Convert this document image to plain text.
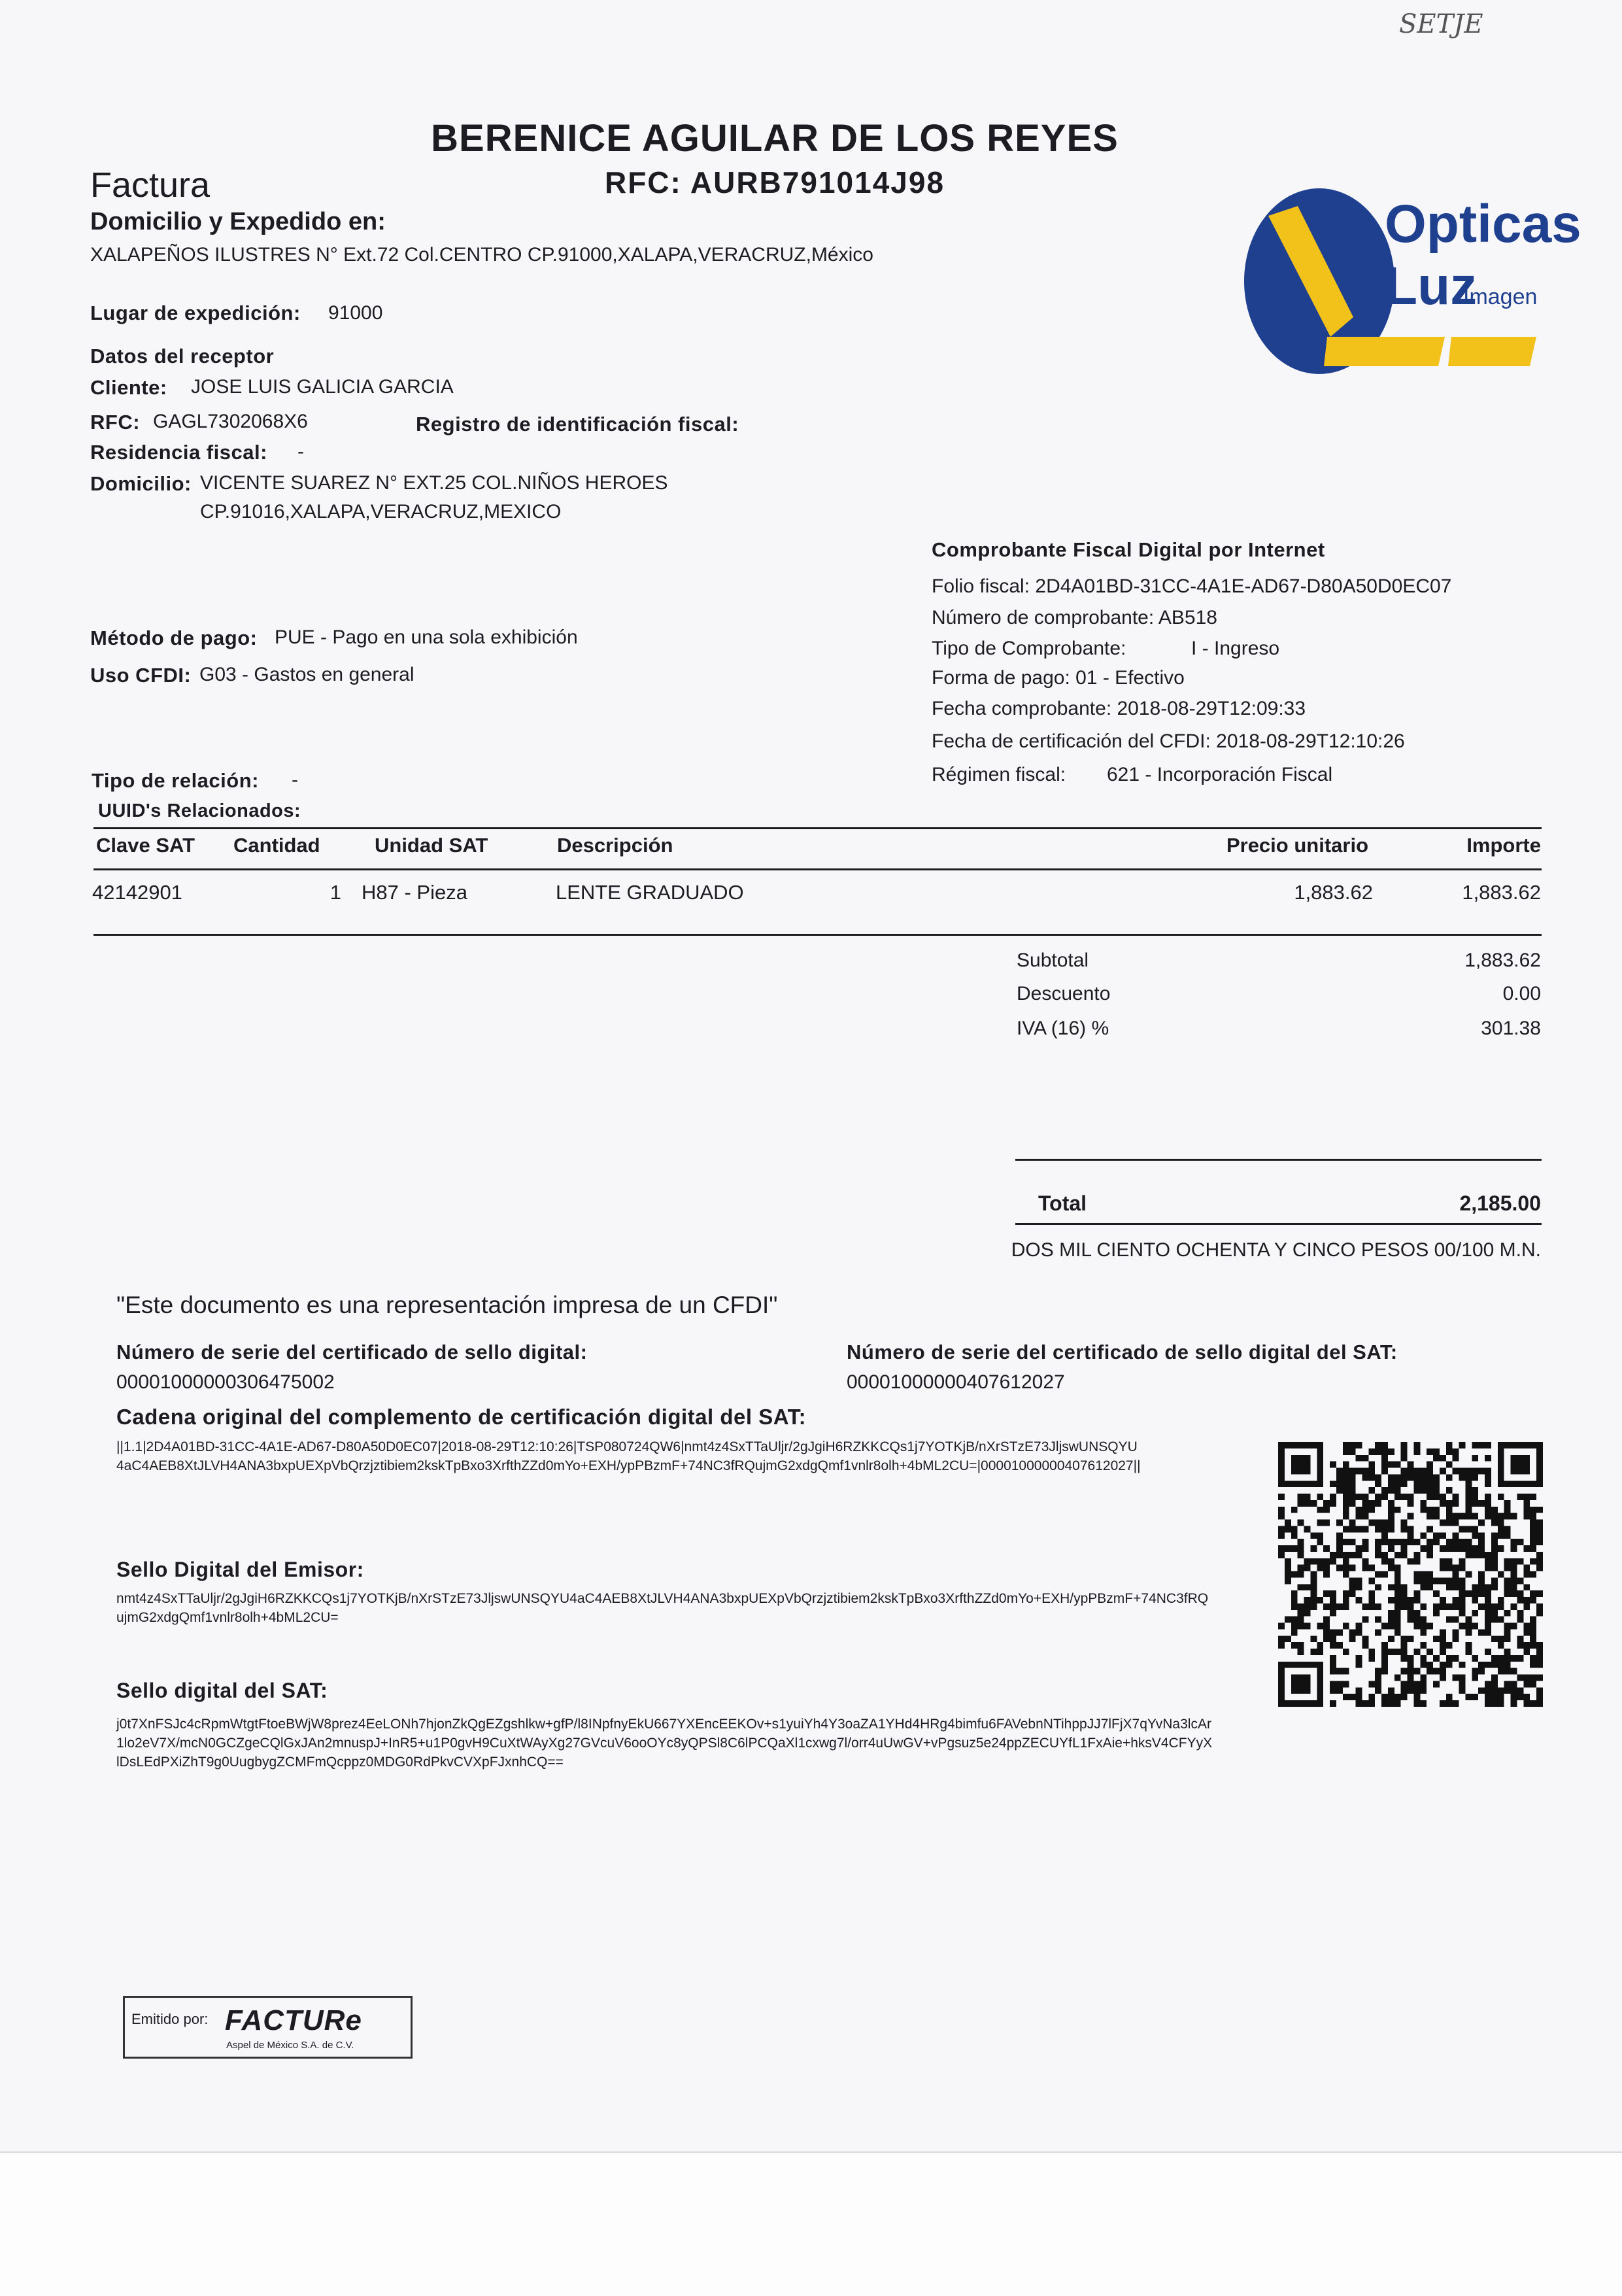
SETJE
BERENICE AGUILAR DE LOS REYES
RFC: AURB791014J98
Factura
Domicilio y Expedido en:
XALAPEÑOS ILUSTRES N° Ext.72 Col.CENTRO CP.91000,XALAPA,VERACRUZ,México
Lugar de expedición: 91000
Opticas
Luz
Imagen
Datos del receptor
Cliente: JOSE LUIS GALICIA GARCIA
RFC: GAGL7302068X6	Registro de identificación fiscal:
Residencia fiscal: -
Domicilio: VICENTE SUAREZ N° EXT.25 COL.NIÑOS HEROES
CP.91016,XALAPA,VERACRUZ,MEXICO
Comprobante Fiscal Digital por Internet
Folio fiscal: 2D4A01BD-31CC-4A1E-AD67-D80A50D0EC07
Número de comprobante: AB518
Tipo de Comprobante:	I - Ingreso
Forma de pago: 01 - Efectivo
Fecha comprobante: 2018-08-29T12:09:33
Fecha de certificación del CFDI: 2018-08-29T12:10:26
Régimen fiscal: 621 - Incorporación Fiscal
Método de pago: PUE - Pago en una sola exhibición
Uso CFDI: G03 - Gastos en general
Tipo de relación: -
UUID's Relacionados:
Clave SAT Cantidad	Unidad SAT	Descripción	Precio unitario	Importe
42142901	1 H87 - Pieza	LENTE GRADUADO	1,883.62	1,883.62
Subtotal	1,883.62
Descuento	0.00
IVA (16) %	301.38
Total	2,185.00
DOS MIL CIENTO OCHENTA Y CINCO PESOS 00/100 M.N.
"Este documento es una representación impresa de un CFDI"
Número de serie del certificado de sello digital:
00001000000306475002
Número de serie del certificado de sello digital del SAT:
00001000000407612027
Cadena original del complemento de certificación digital del SAT:
||1.1|2D4A01BD-31CC-4A1E-AD67-D80A50D0EC07|2018-08-29T12:10:26|TSP080724QW6|nmt4z4SxTTaUljr/2gJgiH6RZKKCQs1j7YOTKjB/nXrSTzE73JljswUNSQYU4aC4AEB8XtJLVH4ANA3bxpUEXpVbQrzjztibiem2kskTpBxo3XrfthZZd0mYo+EXH/ypPBzmF+74NC3fRQujmG2xdgQmf1vnlr8olh+4bML2CU=|00001000000407612027||
Sello Digital del Emisor:
nmt4z4SxTTaUljr/2gJgiH6RZKKCQs1j7YOTKjB/nXrSTzE73JljswUNSQYU4aC4AEB8XtJLVH4ANA3bxpUEXpVbQrzjztibiem2kskTpBxo3XrfthZZd0mYo+EXH/ypPBzmF+74NC3fRQujmG2xdgQmf1vnlr8olh+4bML2CU=
Sello digital del SAT:
j0t7XnFSJc4cRpmWtgtFtoeBWjW8prez4EeLONh7hjonZkQgEZgshlkw+gfP/l8INpfnyEkU667YXEncEEKOv+s1yuiYh4Y3oaZA1YHd4HRg4bimfu6FAVebnNTihppJJ7lFjX7qYvNa3lcAr1lo2eV7X/mcN0GCZgeCQlGxJAn2mnuspJ+InR5+u1P0gvH9CuXtWAyXg27GVcuV6ooOYc8yQPSl8C6lPCQaXl1cxwg7l/orr4uUwGV+vPgsuz5e24ppZECUYfL1FxAie+hksV4CFYyXlDsLEdPXiZhT9g0UugbygZCMFmQcppz0MDG0RdPkvCVXpFJxnhCQ==
Emitido por: FACTURe
Aspel de México S.A. de C.V.
